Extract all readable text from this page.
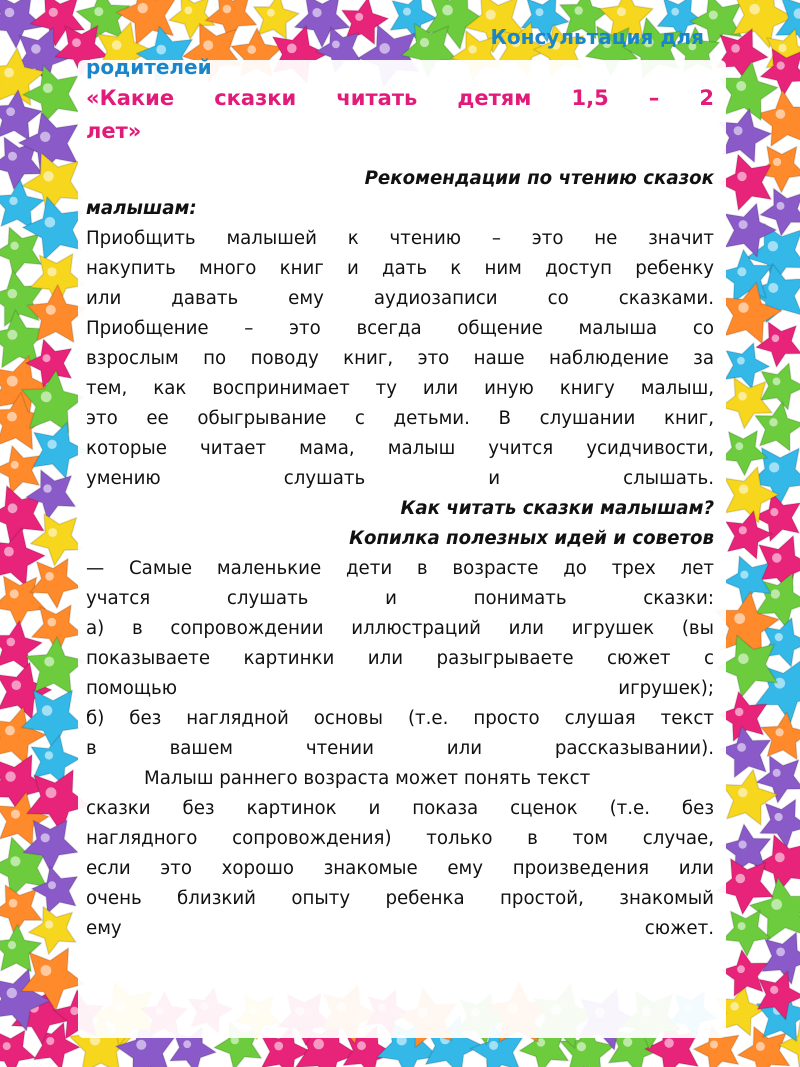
Консультация для
родителей
«Какие сказки читать детям 1,5 – 2
лет»
Рекомендации по чтению сказок
малышам:
Приобщить малышей к чтению – это не значит
накупить много книг и дать к ним доступ ребенку
или давать ему аудиозаписи со сказками.
Приобщение – это всегда общение малыша со
взрослым по поводу книг, это наше наблюдение за
тем, как воспринимает ту или иную книгу малыш,
это ее обыгрывание с детьми. В слушании книг,
которые читает мама, малыш учится усидчивости,
умению слушать и слышать.
Как читать сказки малышам?
Копилка полезных идей и советов
— Самые маленькие дети в возрасте до трех лет
учатся слушать и понимать сказки:
а) в сопровождении иллюстраций или игрушек (вы
показываете картинки или разыгрываете сюжет с
помощью игрушек);
б) без наглядной основы (т.е. просто слушая текст
в вашем чтении или рассказывании).
Малыш раннего возраста может понять текст
сказки без картинок и показа сценок (т.е. без
наглядного сопровождения) только в том случае,
если это хорошо знакомые ему произведения или
очень близкий опыту ребенка простой, знакомый
ему сюжет.
